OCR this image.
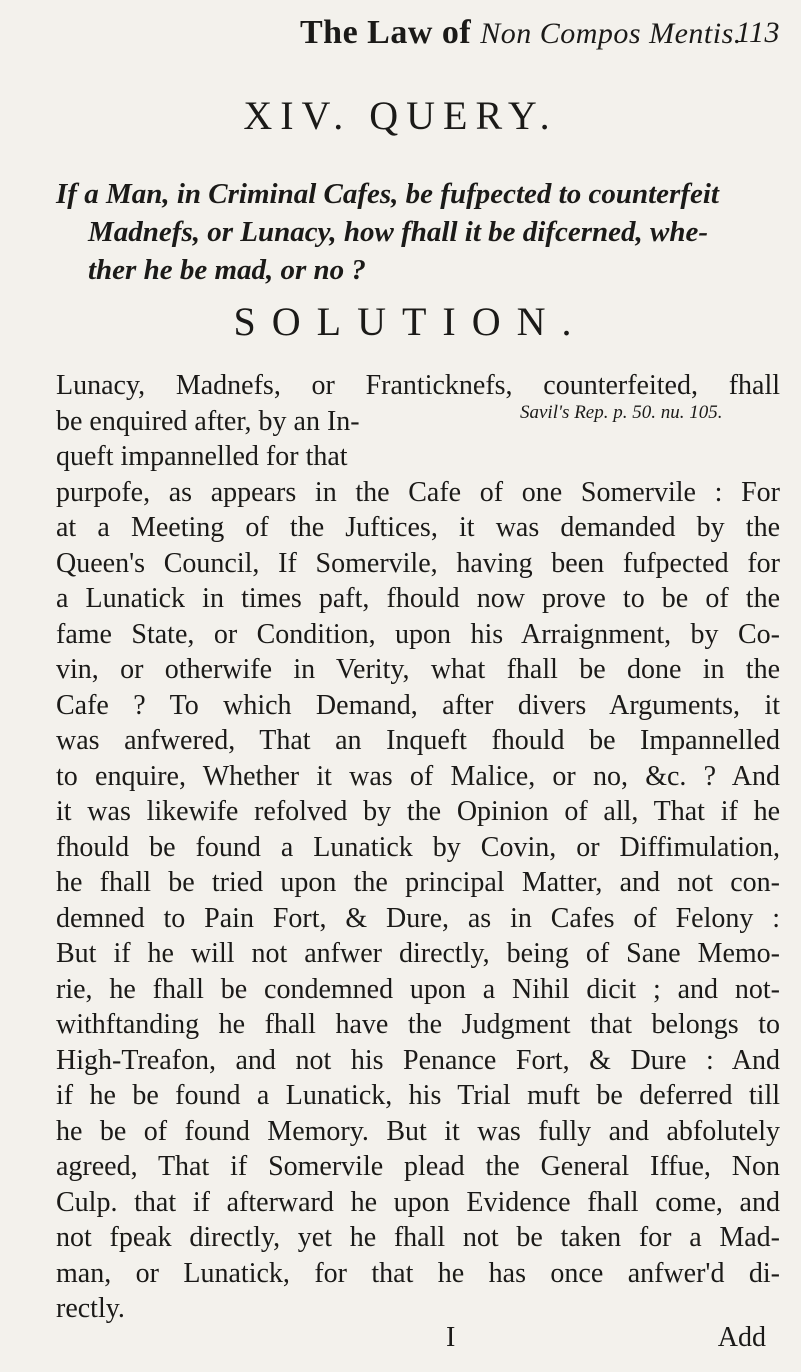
The Law of Non Compos Mentis.
113
XIV. QUERY.
If a Man, in Criminal Cafes, be fufpected to counterfeit
Madnefs, or Lunacy, how fhall it be difcerned, whe-
ther he be mad, or no ?
SOLUTION.
Savil's Rep. p. 50. nu. 105.
Lunacy, Madnefs, or Franticknefs, counterfeited, fhall
be enquired after, by an In-
queft impannelled for that
purpofe, as appears in the Cafe of one Somervile : For
at a Meeting of the Juftices, it was demanded by the
Queen's Council, If Somervile, having been fufpected for
a Lunatick in times paft, fhould now prove to be of the
fame State, or Condition, upon his Arraignment, by Co-
vin, or otherwife in Verity, what fhall be done in the
Cafe ? To which Demand, after divers Arguments, it
was anfwered, That an Inqueft fhould be Impannelled
to enquire, Whether it was of Malice, or no, &c. ? And
it was likewife refolved by the Opinion of all, That if he
fhould be found a Lunatick by Covin, or Diffimulation,
he fhall be tried upon the principal Matter, and not con-
demned to Pain Fort, & Dure, as in Cafes of Felony :
But if he will not anfwer directly, being of Sane Memo-
rie, he fhall be condemned upon a Nihil dicit ; and not-
withftanding he fhall have the Judgment that belongs to
High-Treafon, and not his Penance Fort, & Dure : And
if he be found a Lunatick, his Trial muft be deferred till
he be of found Memory. But it was fully and abfolutely
agreed, That if Somervile plead the General Iffue, Non
Culp. that if afterward he upon Evidence fhall come, and
not fpeak directly, yet he fhall not be taken for a Mad-
man, or Lunatick, for that he has once anfwer'd di-
rectly.
I	Add
